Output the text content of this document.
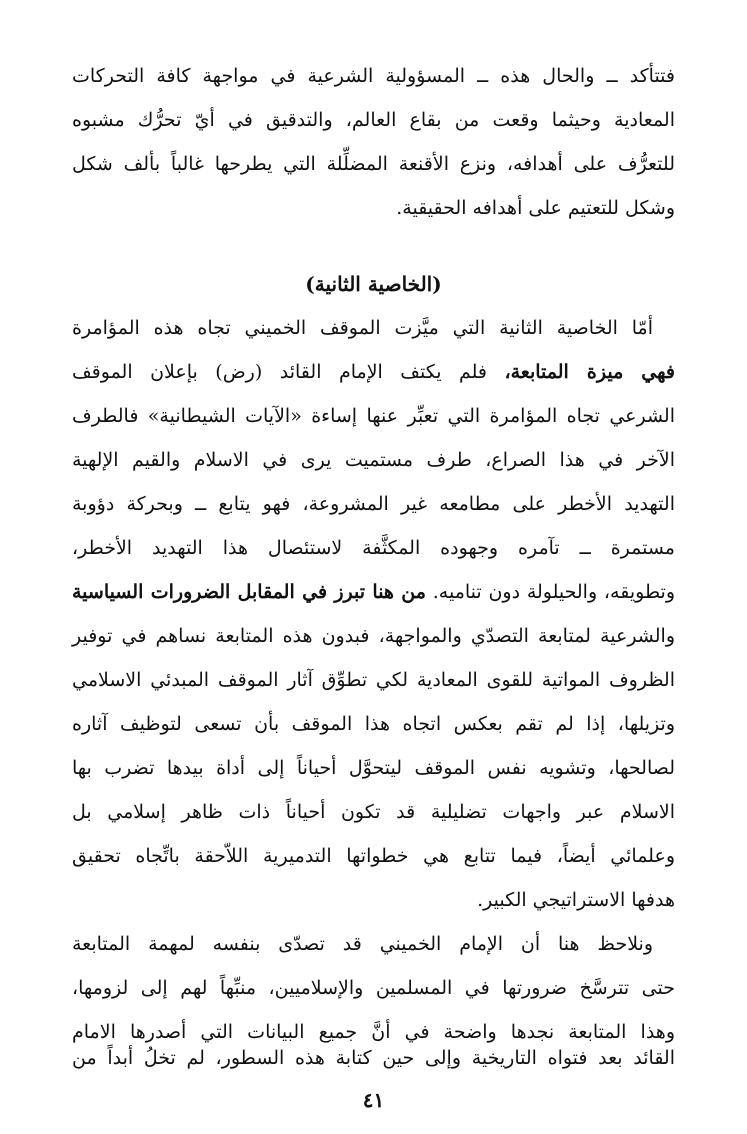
فتتأكد ــ والحال هذه ــ المسؤولية الشرعية في مواجهة كافة التحركات
المعادية وحيثما وقعت من بقاع العالم، والتدقيق في أيّ تحرُّك مشبوه
للتعرُّف على أهدافه، ونزع الأقنعة المضلِّلة التي يطرحها غالباً بألف شكل
وشكل للتعتيم على أهدافه الحقيقية.
(الخاصية الثانية)
أمّا الخاصية الثانية التي ميَّزت الموقف الخميني تجاه هذه المؤامرة
فهي ميزة المتابعة، فلم يكتف الإمام القائد (رض) بإعلان الموقف
الشرعي تجاه المؤامرة التي تعبِّر عنها إساءة «الآيات الشيطانية» فالطرف
الآخر في هذا الصراع، طرف مستميت يرى في الاسلام والقيم الإلهية
التهديد الأخطر على مطامعه غير المشروعة، فهو يتابع ــ وبحركة دؤوبة
مستمرة ــ تآمره وجهوده المكثَّفة لاستئصال هذا التهديد الأخطر،
وتطويقه، والحيلولة دون تناميه. من هنا تبرز في المقابل الضرورات السياسية
والشرعية لمتابعة التصدّي والمواجهة، فبدون هذه المتابعة نساهم في توفير
الظروف المواتية للقوى المعادية لكي تطوِّق آثار الموقف المبدئي الاسلامي
وتزيلها، إذا لم تقم بعكس اتجاه هذا الموقف بأن تسعى لتوظيف آثاره
لصالحها، وتشويه نفس الموقف ليتحوَّل أحياناً إلى أداة بيدها تضرب بها
الاسلام عبر واجهات تضليلية قد تكون أحياناً ذات ظاهر إسلامي بل
وعلمائي أيضاً، فيما تتابع هي خطواتها التدميرية اللاّحقة باتِّجاه تحقيق
هدفها الاستراتيجي الكبير.
ونلاحظ هنا أن الإمام الخميني قد تصدّى بنفسه لمهمة المتابعة
حتى تترسَّخ ضرورتها في المسلمين والإسلاميين، منبِّهاً لهم إلى لزومها،
وهذا المتابعة نجدها واضحة في أنَّ جميع البيانات التي أصدرها الامام
٤١
القائد بعد فتواه التاريخية وإلى حين كتابة هذه السطور، لم تخلُ أبداً من
